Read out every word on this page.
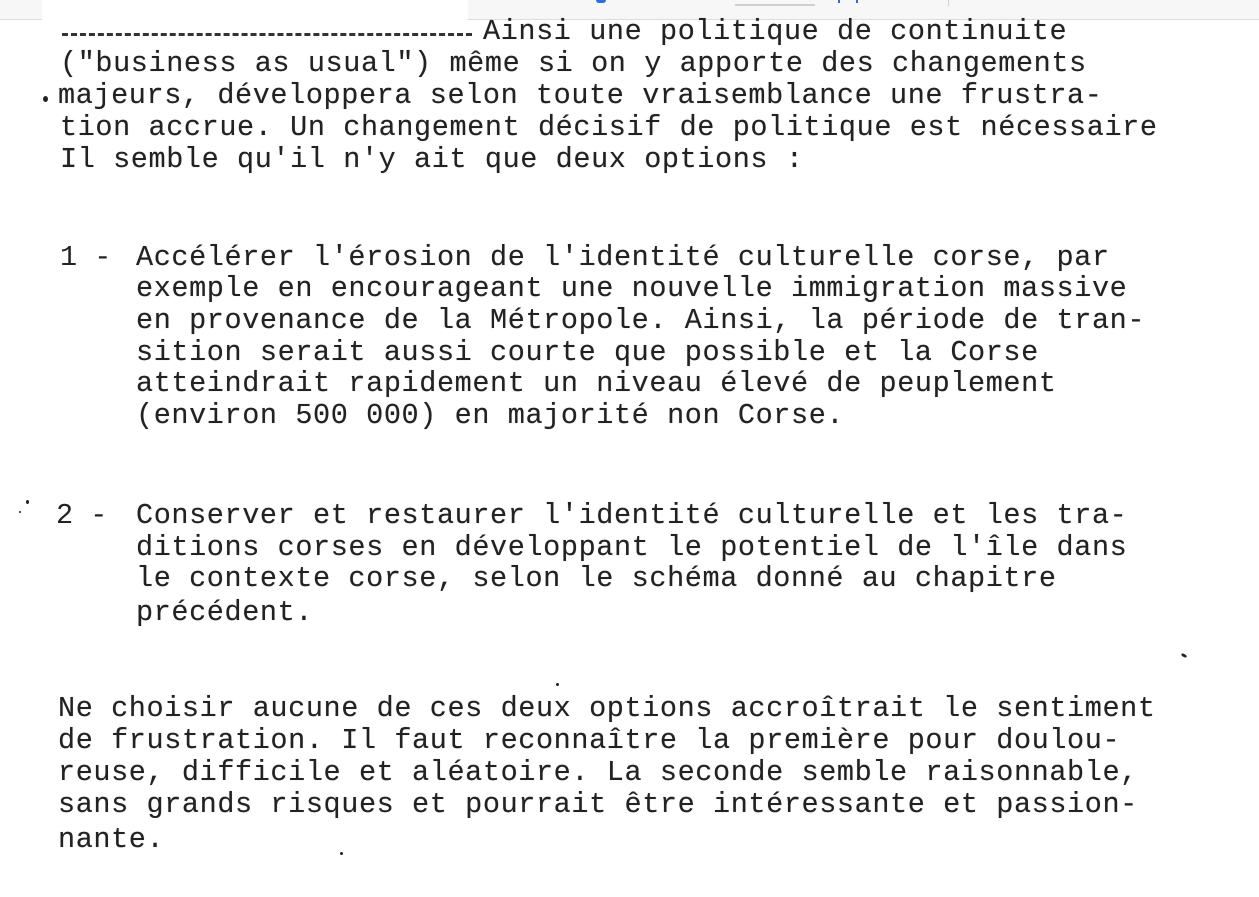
Ainsi une politique de continuite
("business as usual") même si on y apporte des changements
majeurs, développera selon toute vraisemblance une frustra-
tion accrue. Un changement décisif de politique est nécessaire
Il semble qu'il n'y ait que deux options :
1 - Accélérer l'érosion de l'identité culturelle corse, par
exemple en encourageant une nouvelle immigration massive
en provenance de la Métropole. Ainsi, la période de tran-
sition serait aussi courte que possible et la Corse
atteindrait rapidement un niveau élevé de peuplement
(environ 500 000) en majorité non Corse.
2 - Conserver et restaurer l'identité culturelle et les tra-
ditions corses en développant le potentiel de l'île dans
le contexte corse, selon le schéma donné au chapitre
précédent.
Ne choisir aucune de ces deux options accroîtrait le sentiment
de frustration. Il faut reconnaître la première pour doulou-
reuse, difficile et aléatoire. La seconde semble raisonnable,
sans grands risques et pourrait être intéressante et passion-
nante.
